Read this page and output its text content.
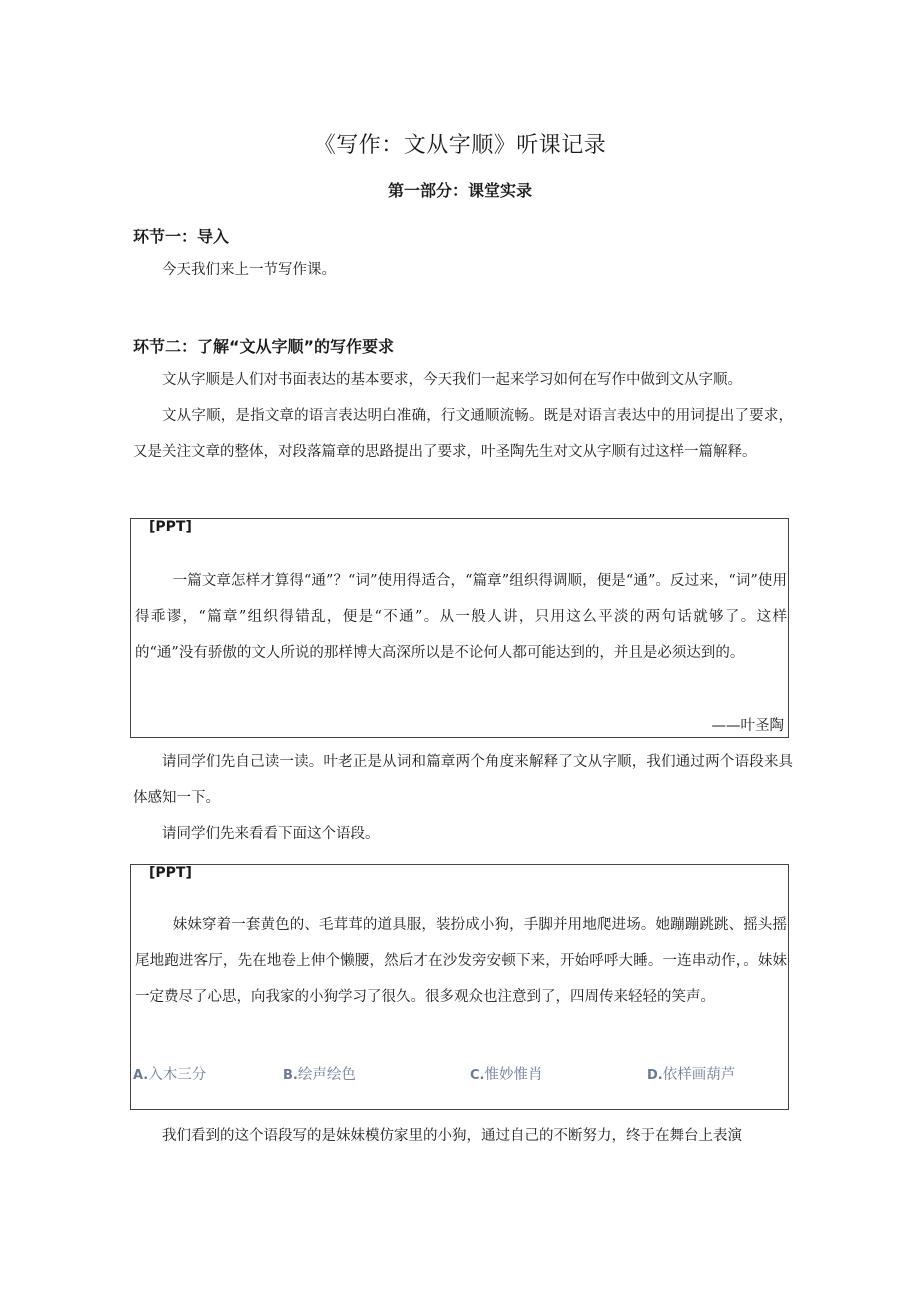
《写作：文从字顺》听课记录
第一部分：课堂实录
环节一：导入
今天我们来上一节写作课。
环节二：了解“文从字顺”的写作要求
文从字顺是人们对书面表达的基本要求，今天我们一起来学习如何在写作中做到文从字顺。
文从字顺，是指文章的语言表达明白准确，行文通顺流畅。既是对语言表达中的用词提出了要求，又是关注文章的整体，对段落篇章的思路提出了要求，叶圣陶先生对文从字顺有过这样一篇解释。
[PPT]
一篇文章怎样才算得“通”？“词”使用得适合，“篇章”组织得调顺，便是“通”。反过来，“词”使用得乖谬，“篇章”组织得错乱，便是“不通”。从一般人讲，只用这么平淡的两句话就够了。这样的“通”没有骄傲的文人所说的那样博大高深所以是不论何人都可能达到的，并且是必须达到的。
——叶圣陶
请同学们先自己读一读。叶老正是从词和篇章两个角度来解释了文从字顺，我们通过两个语段来具体感知一下。
请同学们先来看看下面这个语段。
[PPT]
妹妹穿着一套黄色的、毛茸茸的道具服，装扮成小狗，手脚并用地爬进场。她蹦蹦跳跳、摇头摇尾地跑进客厅，先在地卷上伸个懒腰，然后才在沙发旁安顿下来，开始呼呼大睡。一连串动作，。妹妹一定费尽了心思，向我家的小狗学习了很久。很多观众也注意到了，四周传来轻轻的笑声。
A.入木三分	B.绘声绘色	C.惟妙惟肖	D.依样画葫芦
我们看到的这个语段写的是妹妹模仿家里的小狗，通过自己的不断努力，终于在舞台上表演
